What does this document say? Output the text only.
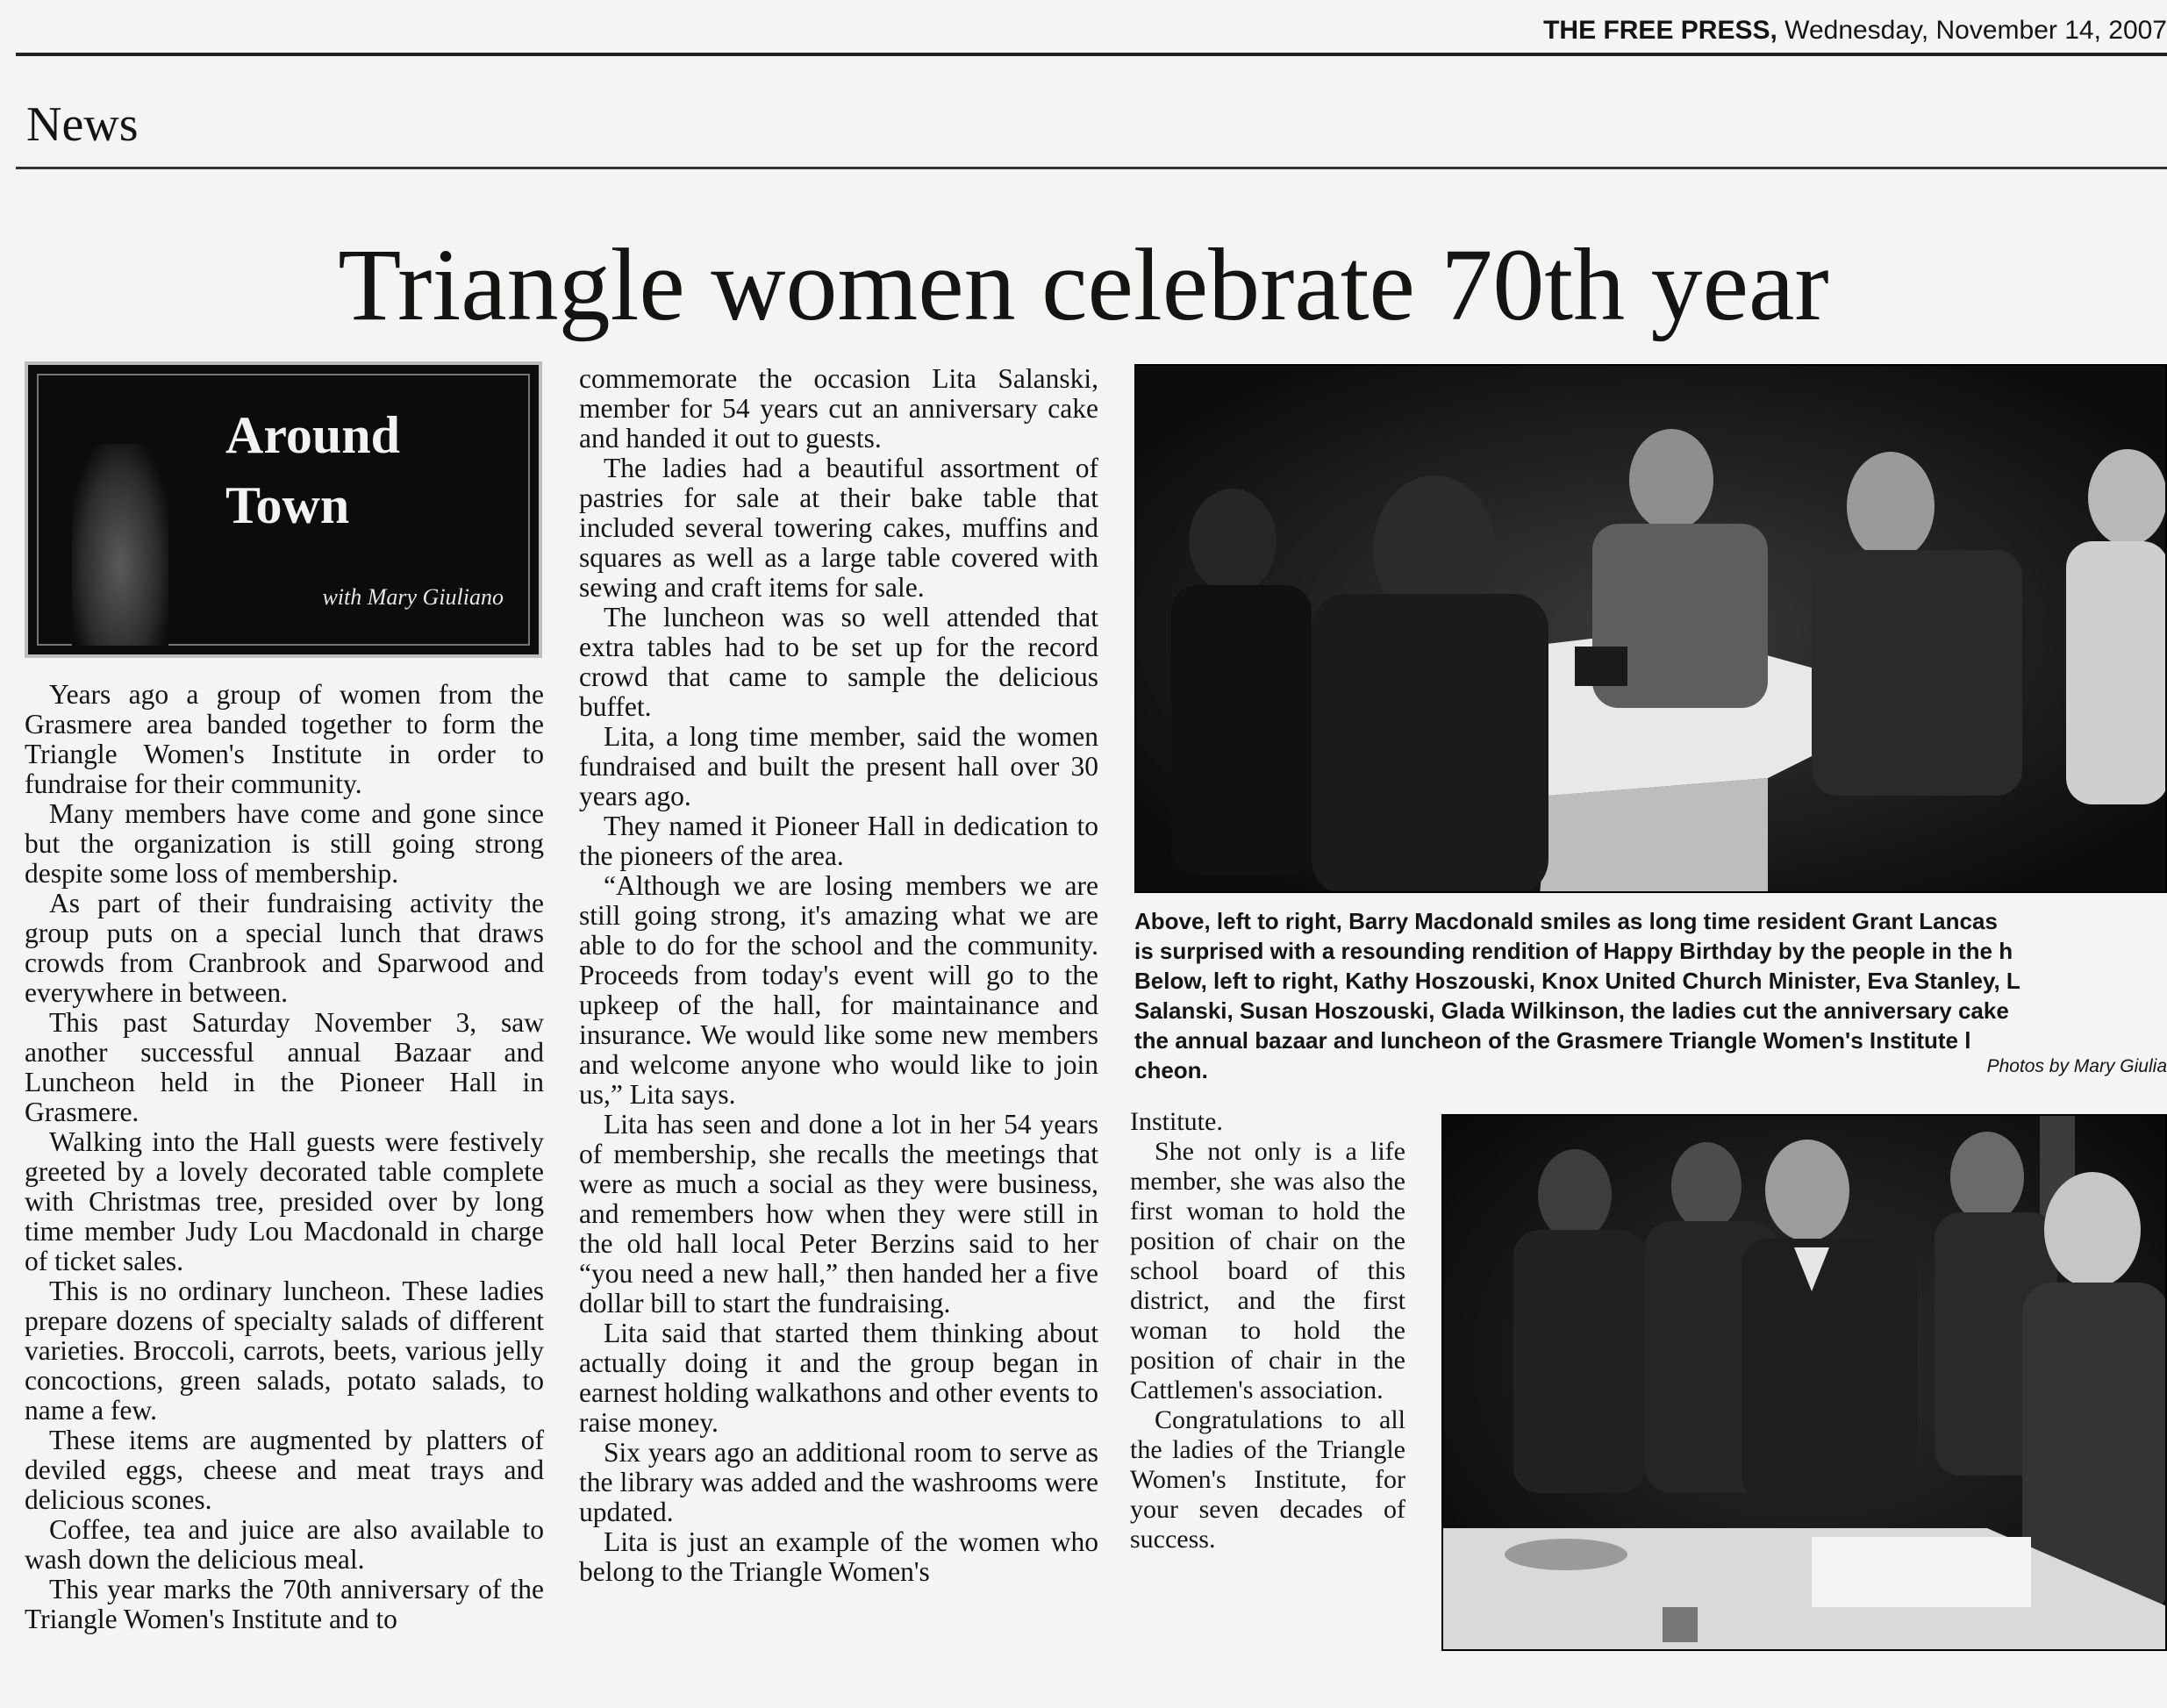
THE FREE PRESS, Wednesday, November 14, 2007
News
Triangle women celebrate 70th year
Around
Town
with Mary Giuliano

Years ago a group of women from the Grasmere area banded together to form the Triangle Women's Institute in order to fundraise for their community.

Many members have come and gone since but the organization is still going strong despite some loss of membership.

As part of their fundraising activity the group puts on a special lunch that draws crowds from Cranbrook and Sparwood and everywhere in between.

This past Saturday November 3, saw another successful annual Bazaar and Luncheon held in the Pioneer Hall in Grasmere.

Walking into the Hall guests were festively greeted by a lovely decorated table complete with Christmas tree, presided over by long time member Judy Lou Macdonald in charge of ticket sales.

This is no ordinary luncheon. These ladies prepare dozens of specialty salads of different varieties. Broccoli, carrots, beets, various jelly concoctions, green salads, potato salads, to name a few.

These items are augmented by platters of deviled eggs, cheese and meat trays and delicious scones.

Coffee, tea and juice are also available to wash down the delicious meal.

This year marks the 70th anniversary of the Triangle Women's Institute and to

commemorate the occasion Lita Salanski, member for 54 years cut an anniversary cake and handed it out to guests.

The ladies had a beautiful assortment of pastries for sale at their bake table that included several towering cakes, muffins and squares as well as a large table covered with sewing and craft items for sale.

The luncheon was so well attended that extra tables had to be set up for the record crowd that came to sample the delicious buffet.

Lita, a long time member, said the women fundraised and built the present hall over 30 years ago.

They named it Pioneer Hall in dedication to the pioneers of the area.

“Although we are losing members we are still going strong, it's amazing what we are able to do for the school and the community. Proceeds from today's event will go to the upkeep of the hall, for maintainance and insurance. We would like some new members and welcome anyone who would like to join us,” Lita says.

Lita has seen and done a lot in her 54 years of membership, she recalls the meetings that were as much a social as they were business, and remembers how when they were still in the old hall local Peter Berzins said to her “you need a new hall,” then handed her a five dollar bill to start the fundraising.

Lita said that started them thinking about actually doing it and the group began in earnest holding walkathons and other events to raise money.

Six years ago an additional room to serve as the library was added and the washrooms were updated.

Lita is just an example of the women who belong to the Triangle Women's

Above, left to right, Barry Macdonald smiles as long time resident Grant Lancas
is surprised with a resounding rendition of Happy Birthday by the people in the h
Below, left to right, Kathy Hoszouski, Knox United Church Minister, Eva Stanley, L
Salanski, Susan Hoszouski, Glada Wilkinson, the ladies cut the anniversary cake
the annual bazaar and luncheon of the Grasmere Triangle Women's Institute l
cheon.	Photos by Mary Giulia

Institute.

She not only is a life member, she was also the first woman to hold the position of chair on the school board of this district, and the first woman to hold the position of chair in the Cattlemen's association.

Congratulations to all the ladies of the Triangle Women's Institute, for your seven decades of success.
